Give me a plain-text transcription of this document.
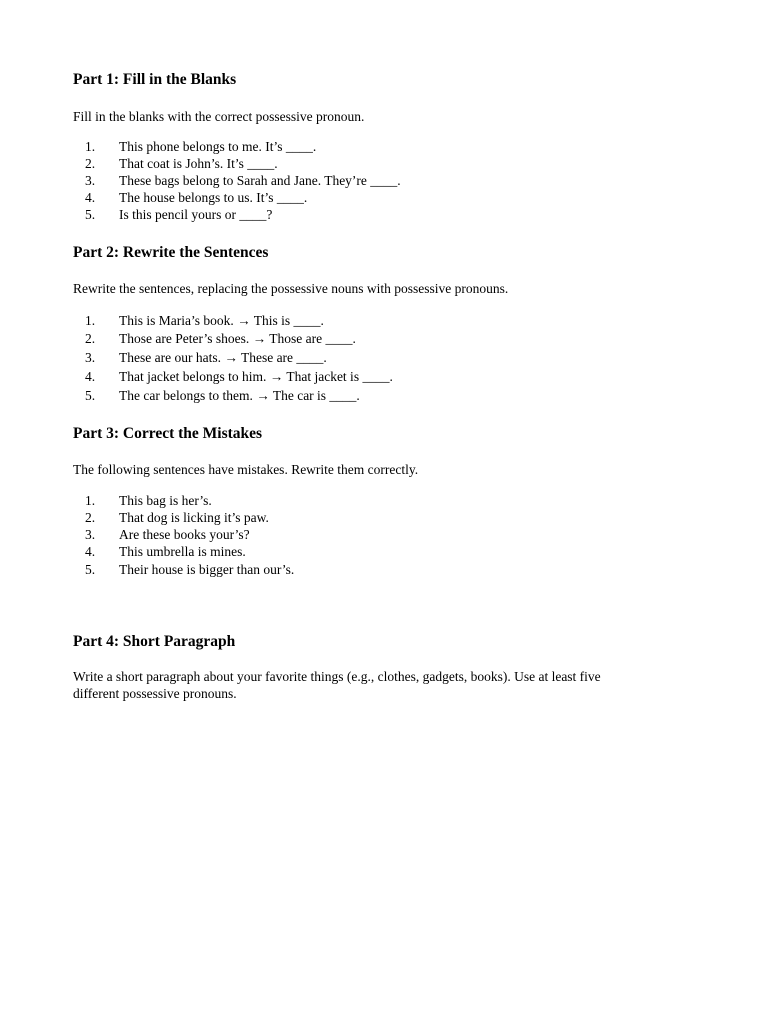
Part 1: Fill in the Blanks

Fill in the blanks with the correct possessive pronoun.

1. This phone belongs to me. It’s ____.
2. That coat is John’s. It’s ____.
3. These bags belong to Sarah and Jane. They’re ____.
4. The house belongs to us. It’s ____.
5. Is this pencil yours or ____?
Part 2: Rewrite the Sentences

Rewrite the sentences, replacing the possessive nouns with possessive pronouns.

1. This is Maria’s book. → This is ____.
2. Those are Peter’s shoes. → Those are ____.
3. These are our hats. → These are ____.
4. That jacket belongs to him. → That jacket is ____.
5. The car belongs to them. → The car is ____.
Part 3: Correct the Mistakes

The following sentences have mistakes. Rewrite them correctly.

1. This bag is her’s.
2. That dog is licking it’s paw.
3. Are these books your’s?
4. This umbrella is mines.
5. Their house is bigger than our’s.
Part 4: Short Paragraph

Write a short paragraph about your favorite things (e.g., clothes, gadgets, books). Use at least five

different possessive pronouns.
